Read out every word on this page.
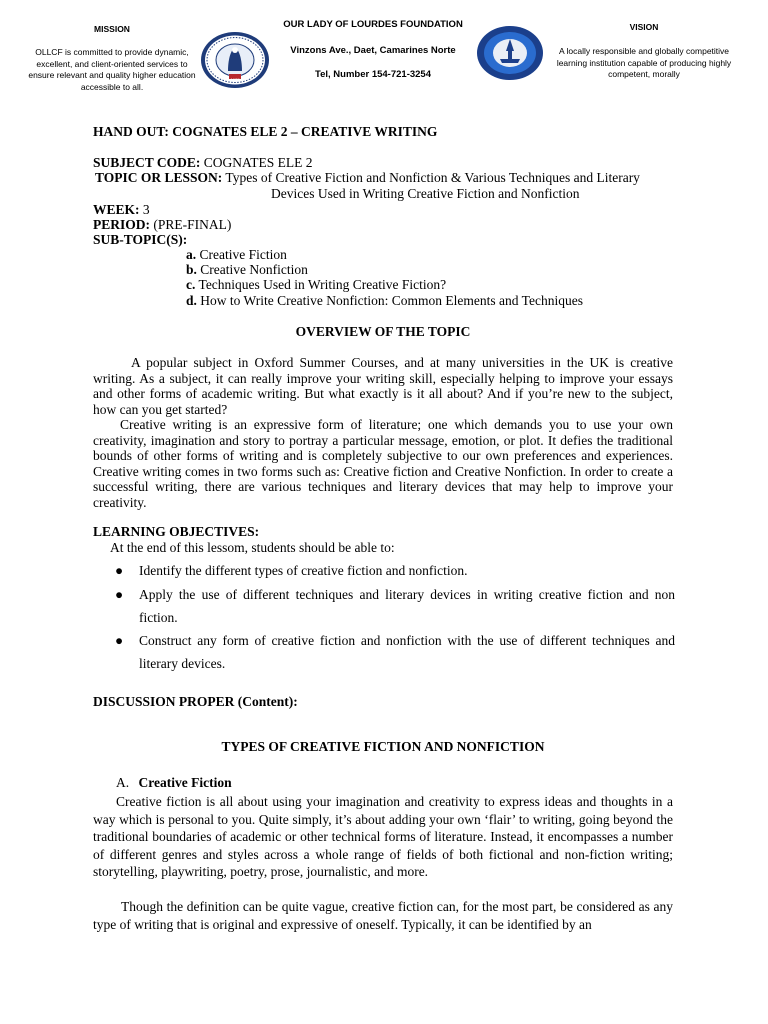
MISSION
OLLCF is committed to provide dynamic, excellent, and client-oriented services to ensure relevant and quality higher education accessible to all.
1977
OUR LADY OF LOURDES FOUNDATION
Vinzons Ave., Daet, Camarines Norte
Tel, Number 154-721-3254
VISION
A locally responsible and globally competitive learning institution capable of producing highly competent, morally
HAND OUT: COGNATES ELE 2 – CREATIVE WRITING
SUBJECT CODE: COGNATES ELE 2
TOPIC OR LESSON: Types of Creative Fiction and Nonfiction & Various Techniques and Literary
Devices Used in Writing Creative Fiction and Nonfiction
WEEK: 3
PERIOD: (PRE-FINAL)
SUB-TOPIC(S):
a. Creative Fiction
b. Creative Nonfiction
c. Techniques Used in Writing Creative Fiction?
d. How to Write Creative Nonfiction: Common Elements and Techniques
OVERVIEW OF THE TOPIC
A popular subject in Oxford Summer Courses, and at many universities in the UK is creative writing. As a subject, it can really improve your writing skill, especially helping to improve your essays and other forms of academic writing. But what exactly is it all about? And if you’re new to the subject, how can you get started?
Creative writing is an expressive form of literature; one which demands you to use your own creativity, imagination and story to portray a particular message, emotion, or plot. It defies the traditional bounds of other forms of writing and is completely subjective to our own preferences and experiences. Creative writing comes in two forms such as: Creative fiction and Creative Nonfiction. In order to create a successful writing, there are various techniques and literary devices that may help to improve your creativity.
LEARNING OBJECTIVES:
At the end of this lessom, students should be able to:
●	Identify the different types of creative fiction and nonfiction.
●	Apply the use of different techniques and literary devices in writing creative fiction and non fiction.
●	Construct any form of creative fiction and nonfiction with the use of different techniques and literary devices.
DISCUSSION PROPER (Content):
TYPES OF CREATIVE FICTION AND NONFICTION
A. Creative Fiction
Creative fiction is all about using your imagination and creativity to express ideas and thoughts in a way which is personal to you. Quite simply, it’s about adding your own ‘flair’ to writing, going beyond the traditional boundaries of academic or other technical forms of literature. Instead, it encompasses a number of different genres and styles across a whole range of fields of both fictional and non-fiction writing; storytelling, playwriting, poetry, prose, journalistic, and more.
Though the definition can be quite vague, creative fiction can, for the most part, be considered as any type of writing that is original and expressive of oneself. Typically, it can be identified by an
